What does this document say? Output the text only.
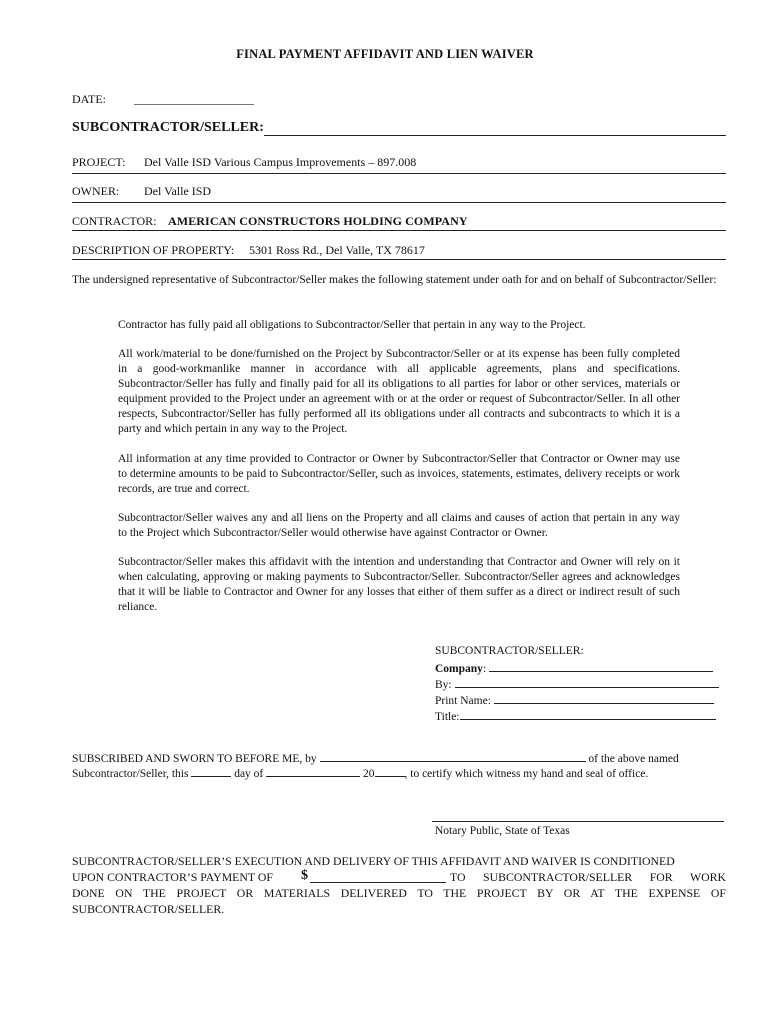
FINAL PAYMENT AFFIDAVIT AND LIEN WAIVER
DATE: ____________________
SUBCONTRACTOR/SELLER:
PROJECT: Del Valle ISD Various Campus Improvements – 897.008
OWNER: Del Valle ISD
CONTRACTOR: AMERICAN CONSTRUCTORS HOLDING COMPANY
DESCRIPTION OF PROPERTY: 5301 Ross Rd., Del Valle, TX 78617
The undersigned representative of Subcontractor/Seller makes the following statement under oath for and on behalf of Subcontractor/Seller:
Contractor has fully paid all obligations to Subcontractor/Seller that pertain in any way to the Project.
All work/material to be done/furnished on the Project by Subcontractor/Seller or at its expense has been fully completed in a good-workmanlike manner in accordance with all applicable agreements, plans and specifications. Subcontractor/Seller has fully and finally paid for all its obligations to all parties for labor or other services, materials or equipment provided to the Project under an agreement with or at the order or request of Subcontractor/Seller. In all other respects, Subcontractor/Seller has fully performed all its obligations under all contracts and subcontracts to which it is a party and which pertain in any way to the Project.
All information at any time provided to Contractor or Owner by Subcontractor/Seller that Contractor or Owner may use to determine amounts to be paid to Subcontractor/Seller, such as invoices, statements, estimates, delivery receipts or work records, are true and correct.
Subcontractor/Seller waives any and all liens on the Property and all claims and causes of action that pertain in any way to the Project which Subcontractor/Seller would otherwise have against Contractor or Owner.
Subcontractor/Seller makes this affidavit with the intention and understanding that Contractor and Owner will rely on it when calculating, approving or making payments to Subcontractor/Seller. Subcontractor/Seller agrees and acknowledges that it will be liable to Contractor and Owner for any losses that either of them suffer as a direct or indirect result of such reliance.
SUBCONTRACTOR/SELLER:
Company:
By:
Print Name:
Title:
SUBSCRIBED AND SWORN TO BEFORE ME, by	of the above named
Subcontractor/Seller, this	day of	20	, to certify which witness my hand and seal of office.
Notary Public, State of Texas
SUBCONTRACTOR/SELLER’S EXECUTION AND DELIVERY OF THIS AFFIDAVIT AND WAIVER IS CONDITIONED
UPON CONTRACTOR’S PAYMENT OF $	TO SUBCONTRACTOR/SELLER FOR WORK
DONE ON THE PROJECT OR MATERIALS DELIVERED TO THE PROJECT BY OR AT THE EXPENSE OF SUBCONTRACTOR/SELLER.
